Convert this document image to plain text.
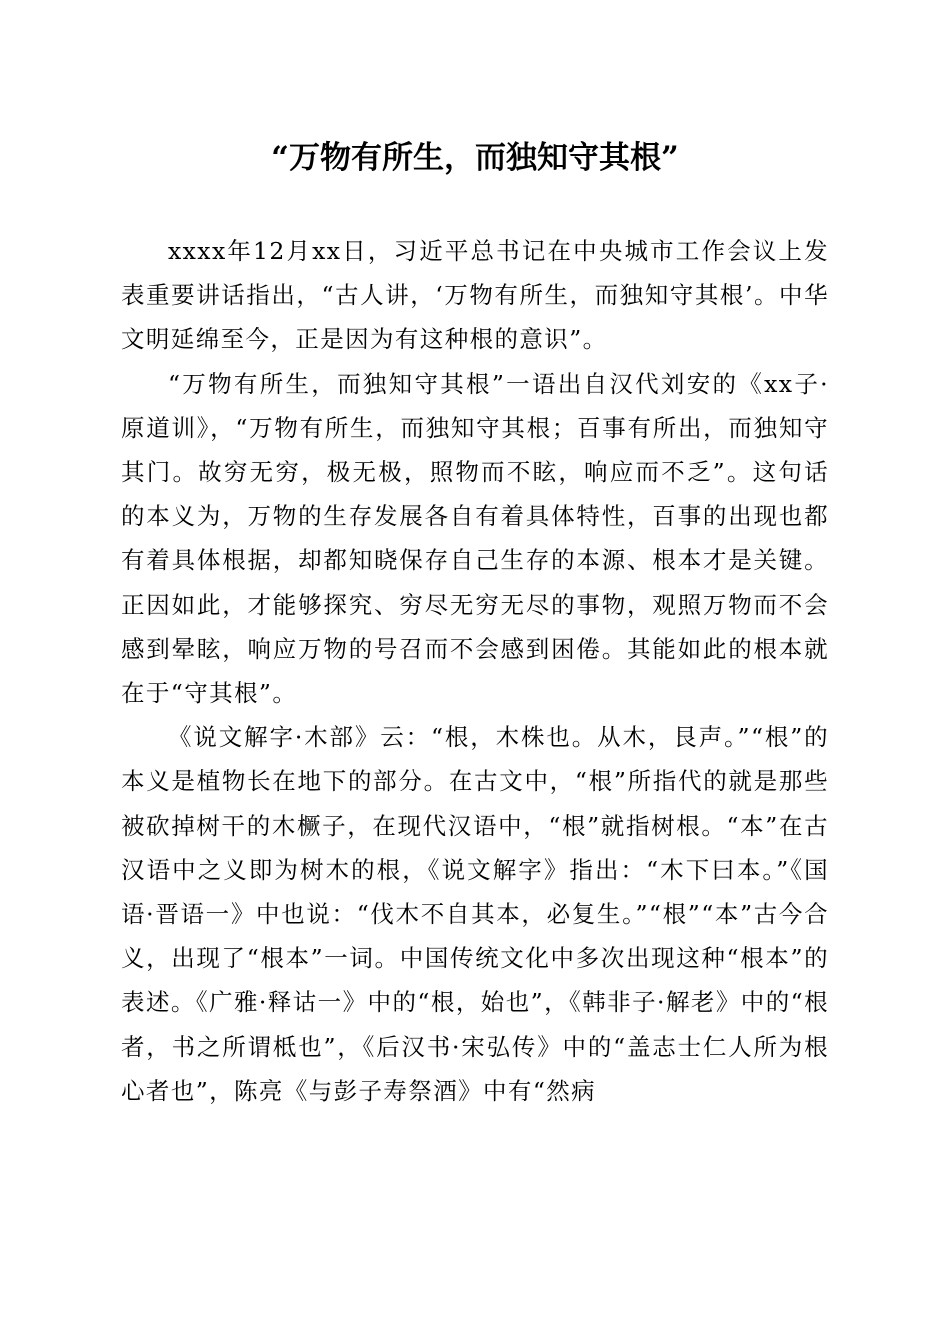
“万物有所生，而独知守其根”

xxxx年12月xx日，习近平总书记在中央城市工作会议上发表重要讲话指出，“古人讲，‘万物有所生，而独知守其根’。中华文明延绵至今，正是因为有这种根的意识”。

“万物有所生，而独知守其根”一语出自汉代刘安的《xx子·原道训》，“万物有所生，而独知守其根；百事有所出，而独知守其门。故穷无穷，极无极，照物而不眩，响应而不乏”。这句话的本义为，万物的生存发展各自有着具体特性，百事的出现也都有着具体根据，却都知晓保存自己生存的本源、根本才是关键。正因如此，才能够探究、穷尽无穷无尽的事物，观照万物而不会感到晕眩，响应万物的号召而不会感到困倦。其能如此的根本就在于“守其根”。

《说文解字·木部》云：“根，木株也。从木，艮声。”“根”的本义是植物长在地下的部分。在古文中，“根”所指代的就是那些被砍掉树干的木橛子，在现代汉语中，“根”就指树根。“本”在古汉语中之义即为树木的根，《说文解字》指出：“木下曰本。”《国语·晋语一》中也说：“伐木不自其本，必复生。”“根”“本”古今合义，出现了“根本”一词。中国传统文化中多次出现这种“根本”的表述。《广雅·释诂一》中的“根，始也”，《韩非子·解老》中的“根者，书之所谓柢也”，《后汉书·宋弘传》中的“盖志士仁人所为根心者也”，陈亮《与彭子寿祭酒》中有“然病
